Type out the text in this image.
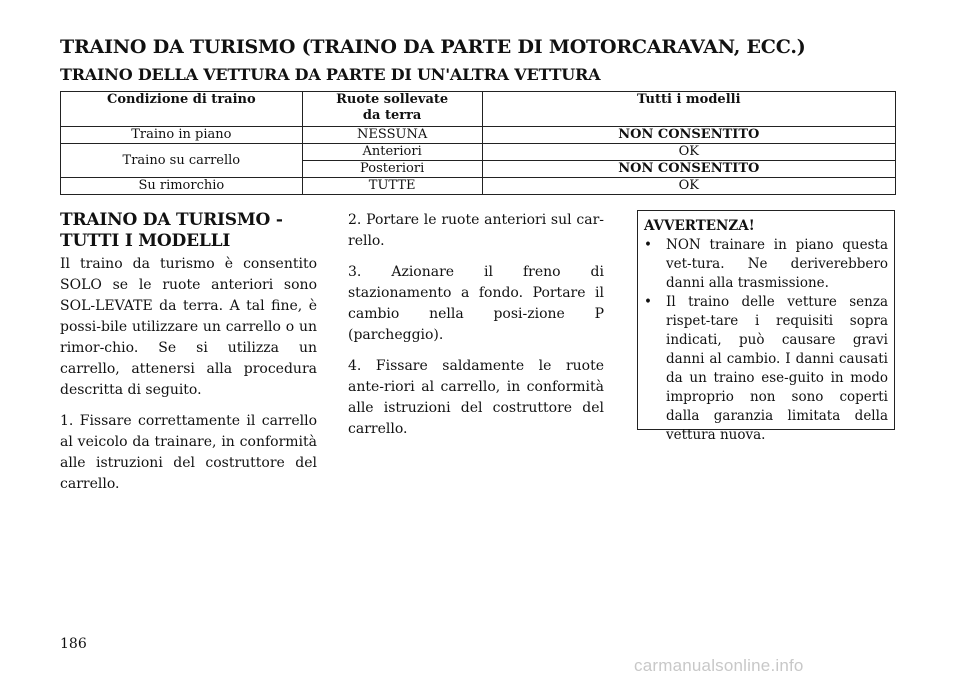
TRAINO DA TURISMO (TRAINO DA PARTE DI MOTORCARAVAN, ECC.)
TRAINO DELLA VETTURA DA PARTE DI UN'ALTRA VETTURA
Condizione di traino	Ruote sollevate da terra	Tutti i modelli
Traino in piano	NESSUNA	NON CONSENTITO
Traino su carrello	Anteriori	OK
	Posteriori	NON CONSENTITO
Su rimorchio	TUTTE	OK
TRAINO DA TURISMO - TUTTI I MODELLI

Il traino da turismo è consentito SOLO se le ruote anteriori sono SOL-LEVATE da terra. A tal fine, è possi-bile utilizzare un carrello o un rimor-chio. Se si utilizza un carrello, attenersi alla procedura descritta di seguito.

1. Fissare correttamente il carrello al veicolo da trainare, in conformità alle istruzioni del costruttore del carrello.

2. Portare le ruote anteriori sul car-rello.

3. Azionare il freno di stazionamento a fondo. Portare il cambio nella posi-zione P (parcheggio).

4. Fissare saldamente le ruote ante-riori al carrello, in conformità alle istruzioni del costruttore del carrello.

AVVERTENZA!
• NON trainare in piano questa vet-tura. Ne deriverebbero danni alla trasmissione.
• Il traino delle vetture senza rispet-tare i requisiti sopra indicati, può causare gravi danni al cambio. I danni causati da un traino ese-guito in modo improprio non sono coperti dalla garanzia limitata della vettura nuova.
186
carmanualsonline.info
